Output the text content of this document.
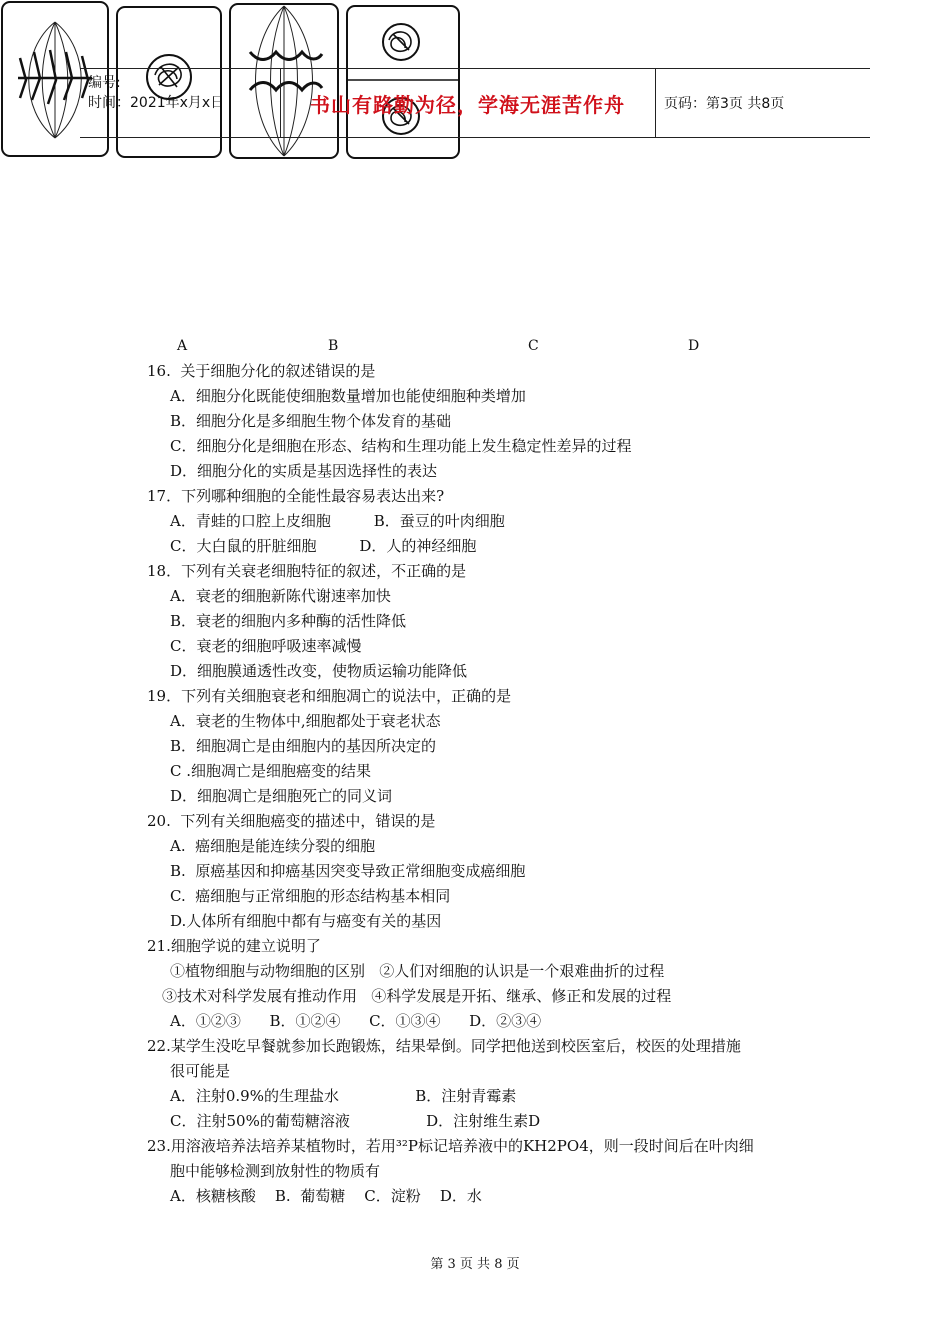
编号:
时间：2021年x月x日	书山有路勤为径，学海无涯苦作舟	页码：第3页 共8页

A	B	C	D
16.  关于细胞分化的叙述错误的是
A．细胞分化既能使细胞数量增加也能使细胞种类增加
B．细胞分化是多细胞生物个体发育的基础
C．细胞分化是细胞在形态、结构和生理功能上发生稳定性差异的过程
D．细胞分化的实质是基因选择性的表达
17．下列哪种细胞的全能性最容易表达出来?
A．青蛙的口腔上皮细胞         B．蚕豆的叶肉细胞
C．大白鼠的肝脏细胞         D．人的神经细胞
18．下列有关衰老细胞特征的叙述，不正确的是
A．衰老的细胞新陈代谢速率加快
B．衰老的细胞内多种酶的活性降低
C．衰老的细胞呼吸速率减慢
D．细胞膜通透性改变，使物质运输功能降低
19．下列有关细胞衰老和细胞凋亡的说法中，正确的是
A．衰老的生物体中,细胞都处于衰老状态
B．细胞凋亡是由细胞内的基因所决定的
C .细胞凋亡是细胞癌变的结果
D．细胞凋亡是细胞死亡的同义词
20.  下列有关细胞癌变的描述中，错误的是
A.  癌细胞是能连续分裂的细胞
B.  原癌基因和抑癌基因突变导致正常细胞变成癌细胞
C.  癌细胞与正常细胞的形态结构基本相同
D.人体所有细胞中都有与癌变有关的基因
21.细胞学说的建立说明了
①植物细胞与动物细胞的区别   ②人们对细胞的认识是一个艰难曲折的过程
③技术对科学发展有推动作用   ④科学发展是开拓、继承、修正和发展的过程
A．①②③      B．①②④      C．①③④      D．②③④
22.某学生没吃早餐就参加长跑锻炼，结果晕倒。同学把他送到校医室后，校医的处理措施
很可能是
A．注射0.9%的生理盐水                B．注射青霉素
C．注射50%的葡萄糖溶液                D．注射维生素D
23.用溶液培养法培养某植物时，若用³²P标记培养液中的KH2PO4，则一段时间后在叶肉细
胞中能够检测到放射性的物质有
A．核糖核酸    B.  葡萄糖    C．淀粉    D．水
第 3 页 共 8 页
